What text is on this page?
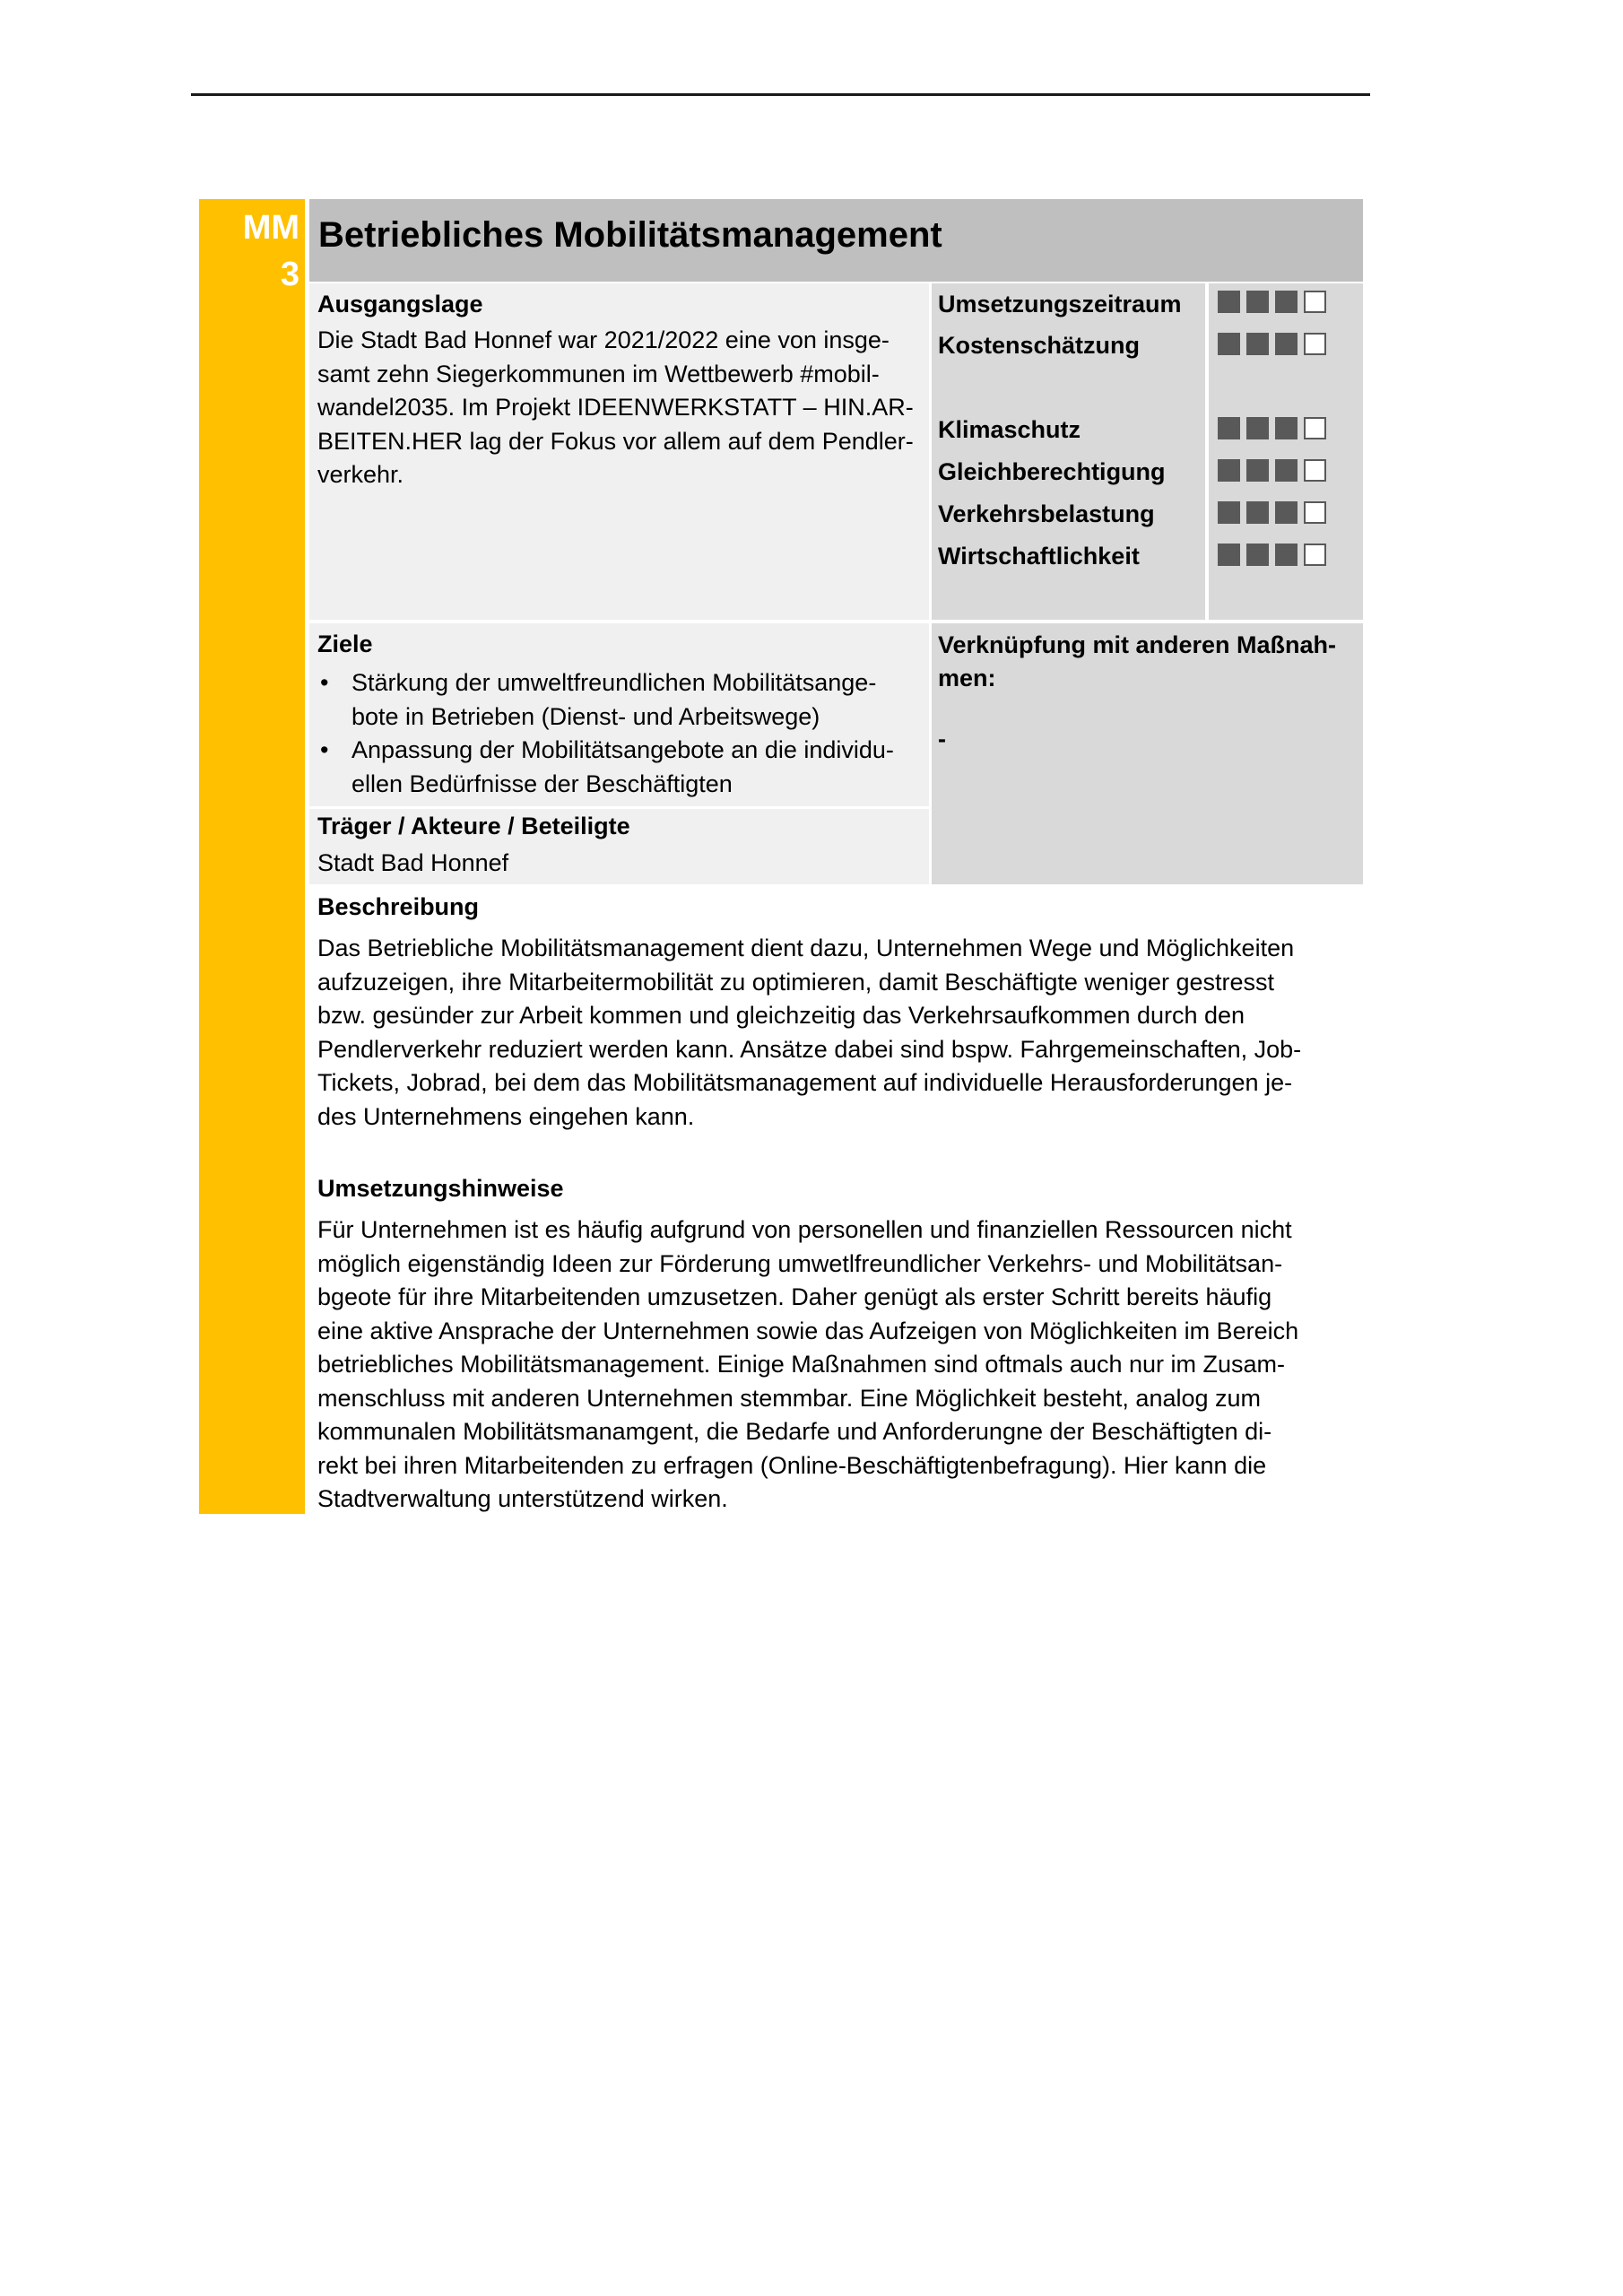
MM
3
Betriebliches Mobilitätsmanagement
Ausgangslage
Die Stadt Bad Honnef war 2021/2022 eine von insge-
samt zehn Siegerkommunen im Wettbewerb #mobil-
wandel2035. Im Projekt IDEENWERKSTATT – HIN.AR-
BEITEN.HER lag der Fokus vor allem auf dem Pendler-
verkehr.
Umsetzungszeitraum
Kostenschätzung
Klimaschutz
Gleichberechtigung
Verkehrsbelastung
Wirtschaftlichkeit
Ziele
• Stärkung der umweltfreundlichen Mobilitätsange-
bote in Betrieben (Dienst- und Arbeitswege)
• Anpassung der Mobilitätsangebote an die individu-
ellen Bedürfnisse der Beschäftigten
Verknüpfung mit anderen Maßnah-
men:
-
Träger / Akteure / Beteiligte
Stadt Bad Honnef
Beschreibung
Das Betriebliche Mobilitätsmanagement dient dazu, Unternehmen Wege und Möglichkeiten
aufzuzeigen, ihre Mitarbeitermobilität zu optimieren, damit Beschäftigte weniger gestresst
bzw. gesünder zur Arbeit kommen und gleichzeitig das Verkehrsaufkommen durch den
Pendlerverkehr reduziert werden kann. Ansätze dabei sind bspw. Fahrgemeinschaften, Job-
Tickets, Jobrad, bei dem das Mobilitätsmanagement auf individuelle Herausforderungen je-
des Unternehmens eingehen kann.
Umsetzungshinweise
Für Unternehmen ist es häufig aufgrund von personellen und finanziellen Ressourcen nicht
möglich eigenständig Ideen zur Förderung umwetlfreundlicher Verkehrs- und Mobilitätsan-
bgeote für ihre Mitarbeitenden umzusetzen. Daher genügt als erster Schritt bereits häufig
eine aktive Ansprache der Unternehmen sowie das Aufzeigen von Möglichkeiten im Bereich
betriebliches Mobilitätsmanagement. Einige Maßnahmen sind oftmals auch nur im Zusam-
menschluss mit anderen Unternehmen stemmbar. Eine Möglichkeit besteht, analog zum
kommunalen Mobilitätsmanamgent, die Bedarfe und Anforderungne der Beschäftigten di-
rekt bei ihren Mitarbeitenden zu erfragen (Online-Beschäftigtenbefragung). Hier kann die
Stadtverwaltung unterstützend wirken.
